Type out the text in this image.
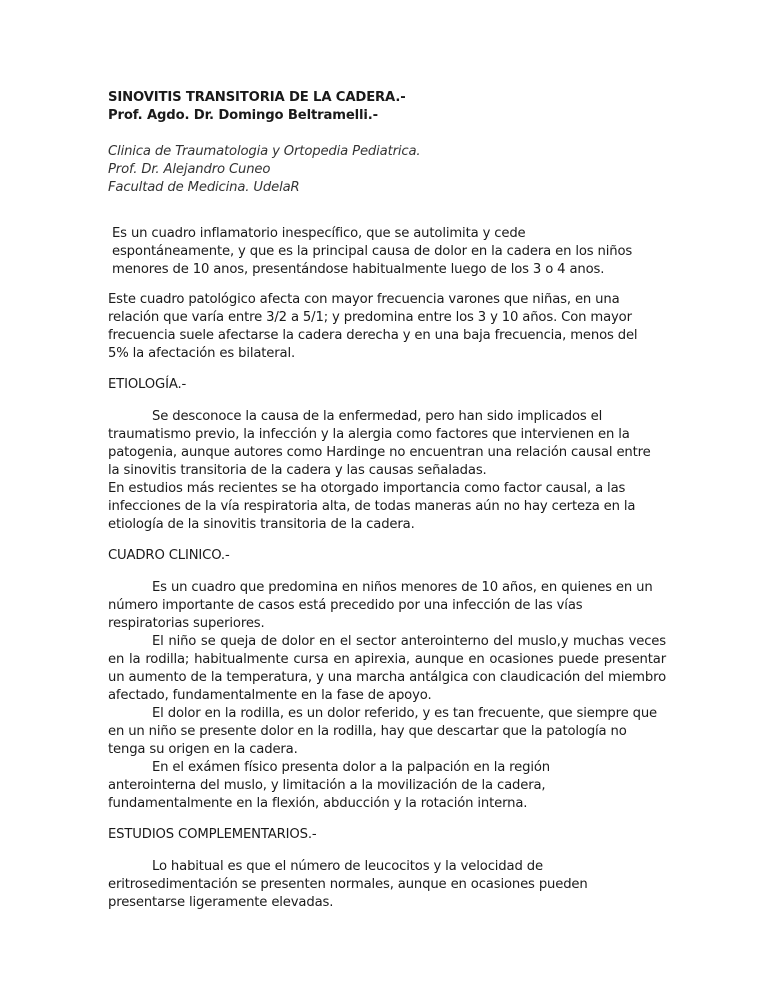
SINOVITIS TRANSITORIA DE LA CADERA.-

Prof. Agdo. Dr. Domingo Beltramelli.-

Clinica de Traumatologia y Ortopedia Pediatrica.

Prof. Dr. Alejandro Cuneo

Facultad de Medicina. UdelaR

Es un cuadro inflamatorio inespecífico, que se autolimita y cede espontáneamente, y que es la principal causa de dolor en la cadera en los niños menores de 10 anos, presentándose habitualmente luego de los 3 o 4 anos.

Este cuadro patológico afecta con mayor frecuencia varones que niñas, en una relación que varía entre 3/2 a 5/1; y predomina entre los 3 y 10 años. Con mayor frecuencia suele afectarse la cadera derecha y en una baja frecuencia, menos del 5% la afectación es bilateral.

ETIOLOGÍA.-

Se desconoce la causa de la enfermedad, pero han sido implicados el traumatismo previo, la infección y la alergia como factores que intervienen en la patogenia, aunque autores como Hardinge no encuentran una relación causal entre la sinovitis transitoria de la cadera y las causas señaladas.

En estudios más recientes se ha otorgado importancia como factor causal, a las infecciones de la vía respiratoria alta, de todas maneras aún no hay certeza en la etiología de la sinovitis transitoria de la cadera.

CUADRO CLINICO.-

Es un cuadro que predomina en niños menores de 10 años, en quienes en un número importante de casos está precedido por una infección de las vías respiratorias superiores.

El niño se queja de dolor en el sector anterointerno del muslo,y muchas veces en la rodilla; habitualmente cursa en apirexia, aunque en ocasiones puede presentar un aumento de la temperatura, y una marcha antálgica con claudicación del miembro afectado, fundamentalmente en la fase de apoyo.

El dolor en la rodilla, es un dolor referido, y es tan frecuente, que siempre que en un niño se presente dolor en la rodilla, hay que descartar que la patología no tenga su origen en la cadera.

En el exámen físico presenta dolor a la palpación en la región anterointerna del muslo, y limitación a la movilización de la cadera, fundamentalmente en la flexión, abducción y la rotación interna.

ESTUDIOS COMPLEMENTARIOS.-

Lo habitual es que el número de leucocitos y la velocidad de eritrosedimentación se presenten normales, aunque en ocasiones pueden presentarse ligeramente elevadas.
